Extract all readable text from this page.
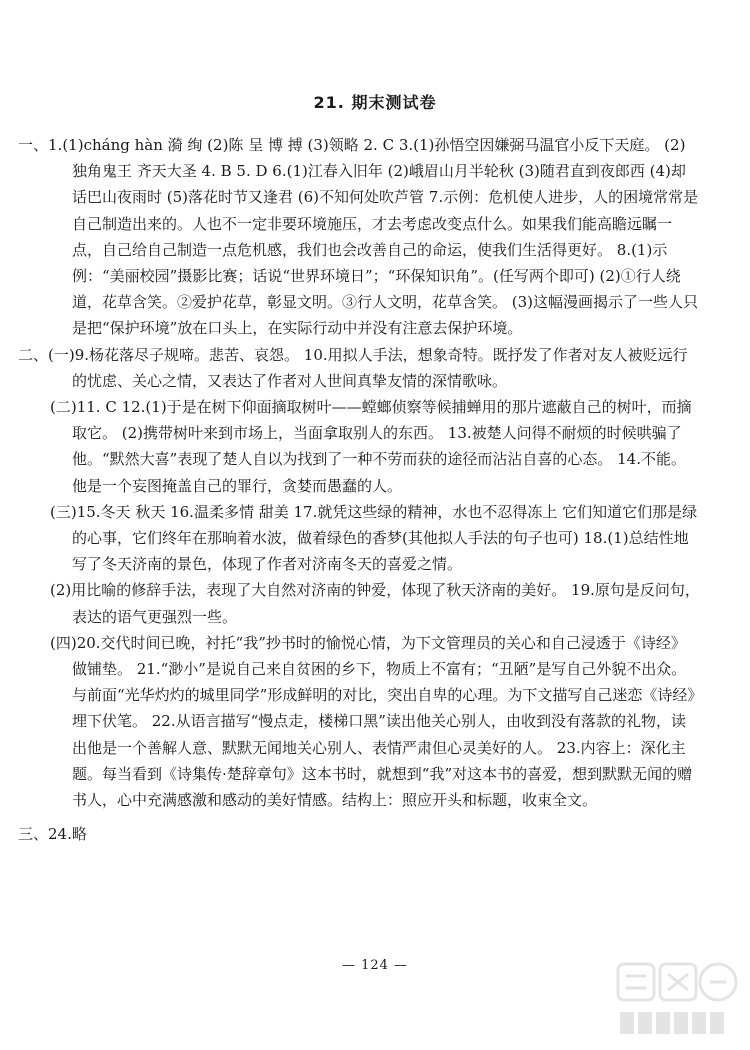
21. 期末测试卷

一、1.(1)cháng hàn 漪 绚 (2)陈 呈 博 搏 (3)领略 2. C 3.(1)孙悟空因嫌弼马温官小反下天庭。 (2)独角鬼王 齐天大圣 4. B 5. D 6.(1)江春入旧年 (2)峨眉山月半轮秋 (3)随君直到夜郎西 (4)却话巴山夜雨时 (5)落花时节又逢君 (6)不知何处吹芦管 7.示例：危机使人进步，人的困境常常是自己制造出来的。人也不一定非要环境施压，才去考虑改变点什么。如果我们能高瞻远瞩一点，自己给自己制造一点危机感，我们也会改善自己的命运，使我们生活得更好。 8.(1)示例：“美丽校园”摄影比赛；话说“世界环境日”；“环保知识角”。(任写两个即可) (2)①行人绕道，花草含笑。②爱护花草，彰显文明。③行人文明，花草含笑。 (3)这幅漫画揭示了一些人只是把“保护环境”放在口头上，在实际行动中并没有注意去保护环境。

二、(一)9.杨花落尽子规啼。悲苦、哀怨。 10.用拟人手法，想象奇特。既抒发了作者对友人被贬远行的忧虑、关心之情，又表达了作者对人世间真挚友情的深情歌咏。

(二)11. C 12.(1)于是在树下仰面摘取树叶——螳螂侦察等候捕蝉用的那片遮蔽自己的树叶，而摘取它。 (2)携带树叶来到市场上，当面拿取别人的东西。 13.被楚人问得不耐烦的时候哄骗了他。“默然大喜”表现了楚人自以为找到了一种不劳而获的途径而沾沾自喜的心态。 14.不能。他是一个妄图掩盖自己的罪行，贪婪而愚蠢的人。

(三)15.冬天 秋天 16.温柔多情 甜美 17.就凭这些绿的精神，水也不忍得冻上 它们知道它们那是绿的心事，它们终年在那晌着水波，做着绿色的香梦(其他拟人手法的句子也可) 18.(1)总结性地写了冬天济南的景色，体现了作者对济南冬天的喜爱之情。

(2)用比喻的修辞手法，表现了大自然对济南的钟爱，体现了秋天济南的美好。 19.原句是反问句，表达的语气更强烈一些。

(四)20.交代时间已晚，衬托“我”抄书时的愉悦心情，为下文管理员的关心和自己浸透于《诗经》做铺垫。 21.“渺小”是说自己来自贫困的乡下，物质上不富有；“丑陋”是写自己外貌不出众。与前面“光华灼灼的城里同学”形成鲜明的对比，突出自卑的心理。为下文描写自己迷恋《诗经》埋下伏笔。 22.从语言描写“慢点走，楼梯口黑”读出他关心别人，由收到没有落款的礼物，读出他是一个善解人意、默默无闻地关心别人、表情严肃但心灵美好的人。 23.内容上：深化主题。每当看到《诗集传·楚辞章句》这本书时，就想到“我”对这本书的喜爱，想到默默无闻的赠书人，心中充满感激和感动的美好情感。结构上：照应开头和标题，收束全文。

三、24.略

— 124 —
